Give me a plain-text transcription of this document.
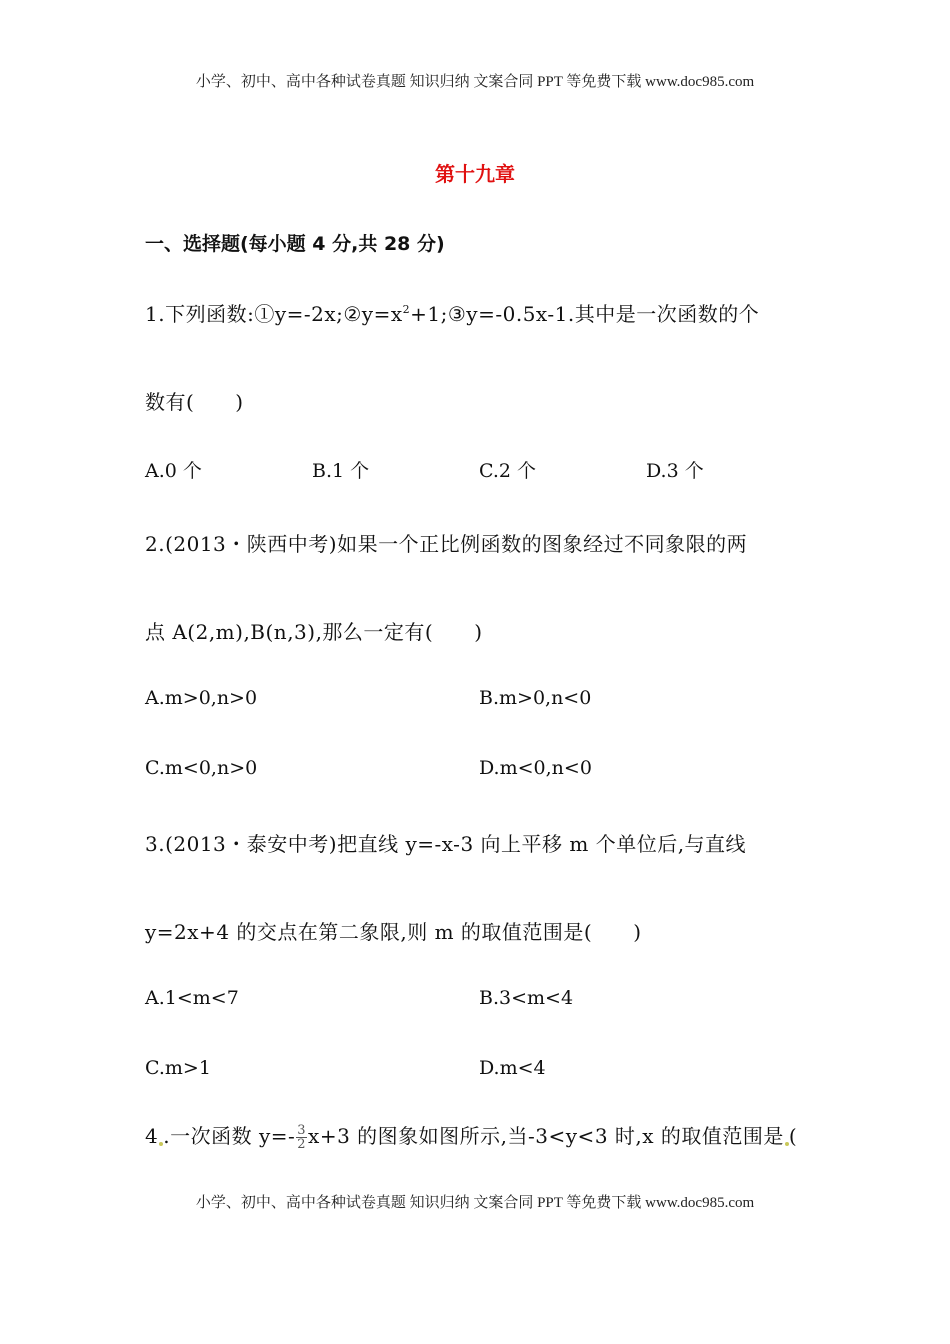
小学、初中、高中各种试卷真题 知识归纳 文案合同 PPT 等免费下载 www.doc985.com
第十九章
一、选择题(每小题 4 分,共 28 分)
1.下列函数$:①y=-2x;②y=x^2+1;③y=-0.5x-1$.其中是一次函数的个
数有(　　)
A.0 个	B.1 个	C.2 个	D.3 个
2.(2013・陕西中考)如果一个正比例函数的图象经过不同象限的两
点 A(2,m),B(n,3),那么一定有(　　)
A.m>0,n>0	B.m>0,n<0
C.m<0,n>0	D.m<0,n<0
3.(2013・泰安中考)把直线 y=-x-3 向上平移 m 个单位后,与直线
y=2x+4 的交点在第二象限,则 m 的取值范围是(　　)
A.1<m<7	B.3<m<4
C.m>1	D.m<4
4 .一次函数 $y=- \frac{3}{2} x+3$ 的图象如图所示,当-3<y<3 时,x 的取值范围是 (
小学、初中、高中各种试卷真题 知识归纳 文案合同 PPT 等免费下载 www.doc985.com
